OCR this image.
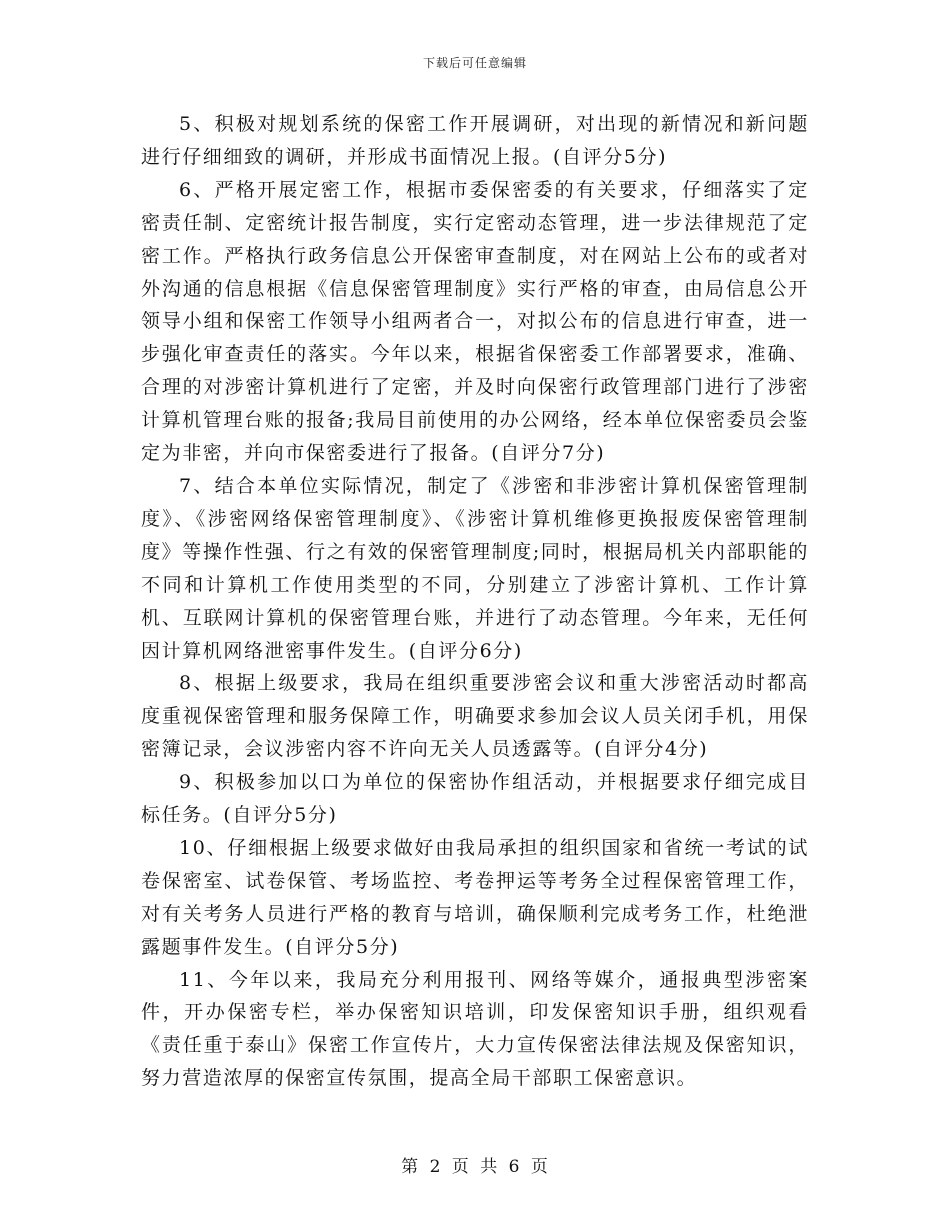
下载后可任意编辑

5、积极对规划系统的保密工作开展调研，对出现的新情况和新问题进行仔细细致的调研，并形成书面情况上报。(自评分5分)

6、严格开展定密工作，根据市委保密委的有关要求，仔细落实了定密责任制、定密统计报告制度，实行定密动态管理，进一步法律规范了定密工作。严格执行政务信息公开保密审查制度，对在网站上公布的或者对外沟通的信息根据《信息保密管理制度》实行严格的审查，由局信息公开领导小组和保密工作领导小组两者合一，对拟公布的信息进行审查，进一步强化审查责任的落实。今年以来，根据省保密委工作部署要求，准确、合理的对涉密计算机进行了定密，并及时向保密行政管理部门进行了涉密计算机管理台账的报备;我局目前使用的办公网络，经本单位保密委员会鉴定为非密，并向市保密委进行了报备。(自评分7分)

7、结合本单位实际情况，制定了《涉密和非涉密计算机保密管理制度》、《涉密网络保密管理制度》、《涉密计算机维修更换报废保密管理制度》等操作性强、行之有效的保密管理制度;同时，根据局机关内部职能的不同和计算机工作使用类型的不同，分别建立了涉密计算机、工作计算机、互联网计算机的保密管理台账，并进行了动态管理。今年来，无任何因计算机网络泄密事件发生。(自评分6分)

8、根据上级要求，我局在组织重要涉密会议和重大涉密活动时都高度重视保密管理和服务保障工作，明确要求参加会议人员关闭手机，用保密簿记录，会议涉密内容不许向无关人员透露等。(自评分4分)

9、积极参加以口为单位的保密协作组活动，并根据要求仔细完成目标任务。(自评分5分)

10、仔细根据上级要求做好由我局承担的组织国家和省统一考试的试卷保密室、试卷保管、考场监控、考卷押运等考务全过程保密管理工作，对有关考务人员进行严格的教育与培训，确保顺利完成考务工作，杜绝泄露题事件发生。(自评分5分)

11、今年以来，我局充分利用报刊、网络等媒介，通报典型涉密案件，开办保密专栏，举办保密知识培训，印发保密知识手册，组织观看《责任重于泰山》保密工作宣传片，大力宣传保密法律法规及保密知识，努力营造浓厚的保密宣传氛围，提高全局干部职工保密意识。

第 2 页 共 6 页
